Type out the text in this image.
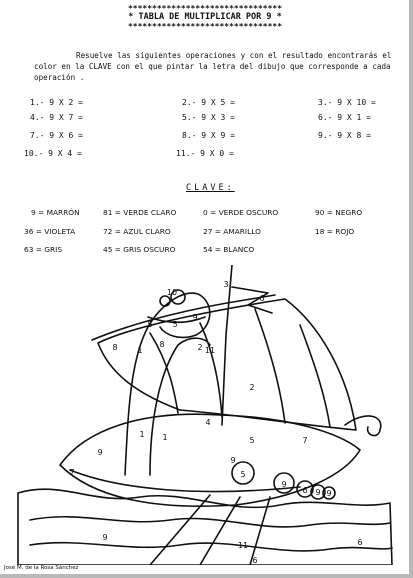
********************************
* TABLA DE MULTIPLICAR POR 9 *
********************************
Resuelve las siguientes operaciones y con el resultado encontrarás el color en la CLAVE con el que pintar la letra del dibujo que corresponde a cada operación .
1.- 9 X 2 =	2.- 9 X 5 =	3.- 9 X 10 =
4.- 9 X 7 =	5.- 9 X 3 =	6.- 9 X 1 =
7.- 9 X 6 =	8.- 9 X 9 =	9.- 9 X 8 =
10.- 9 X 4 =	11.- 9 X 0 =
CLAVE:
9 = MARRÓN	81 = VERDE CLARO	0 = VERDE OSCURO	90 = NEGRO
36 = VIOLETA	72 = AZUL CLARO	27 = AMARILLO	18 = ROJO
63 = GRIS	45 = GRIS OSCURO	54 = BLANCO
10
3
6
5 5
9
11
8 1
8	2
2
7
9
4
1 1
5
5
9
7
9
6 9 9
9
6
11
6
José M. de la Rosa Sánchez
